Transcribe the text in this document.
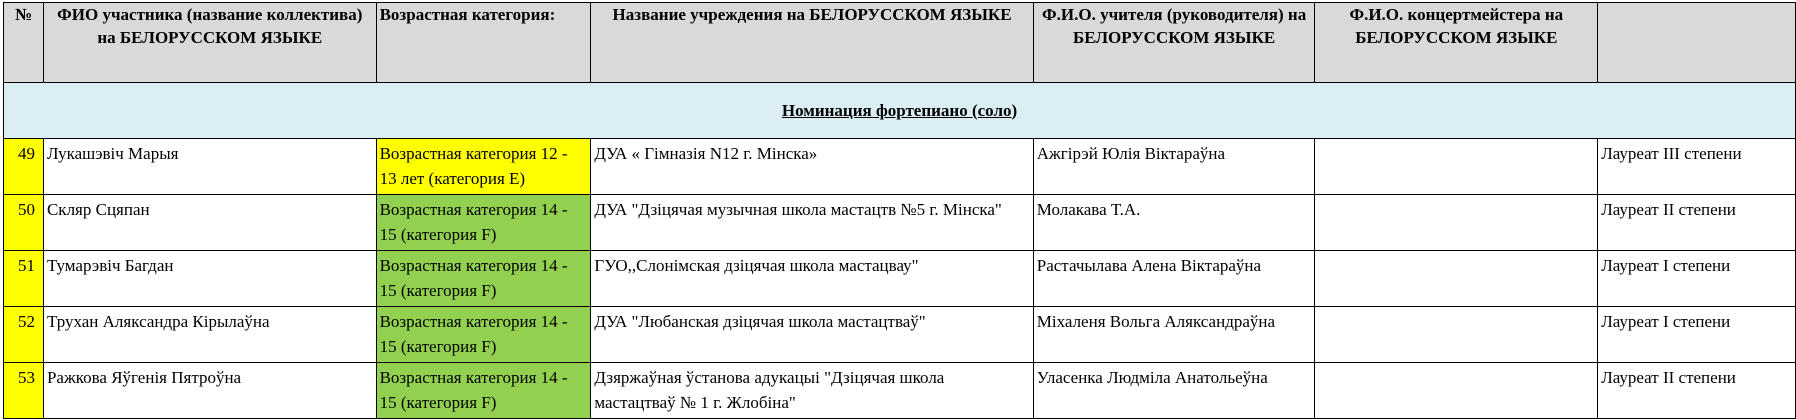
№	ФИО участника (название коллектива) на БЕЛОРУССКОМ ЯЗЫКЕ	Возрастная категория:	Название учреждения на БЕЛОРУССКОМ ЯЗЫКЕ	Ф.И.О. учителя (руководителя) на БЕЛОРУССКОМ ЯЗЫКЕ	Ф.И.О. концертмейстера на БЕЛОРУССКОМ ЯЗЫКЕ	
Номинация фортепиано (соло)						
49	Лукашэвіч Марыя	Возрастная категория 12 - 13 лет (категория Е)	ДУА « Гімназія N12 г. Мінска»	Ажгірэй Юлія Віктараўна		Лауреат III степени
50	Скляр Сцяпан	Возрастная категория 14 - 15 (категория F)	ДУА "Дзiцячая музычная школа мастацтв №5 г. Мінска"	Молакава Т.А.		Лауреат II степени
51	Тумарэвiч Багдан	Возрастная категория 14 - 15 (категория F)	ГУО,,Слонімская дзiцячая школа мастацвау"	Растачылава Алена Вiктараўна		Лауреат I степени
52	Трухан Аляксандра Кірылаўна	Возрастная категория 14 - 15 (категория F)	ДУА "Любанская дзіцячая школа мастацтваў"	Міхаленя Вольга Аляксандраўна		Лауреат I степени
53	Ражкова Яўгенія Пятроўна	Возрастная категория 14 - 15 (категория F)	Дзяржаўная ўстанова адукацыі "Дзіцячая школа мастацтваў № 1 г. Жлобіна"	Уласенка Людміла Анатольеўна		Лауреат II степени
